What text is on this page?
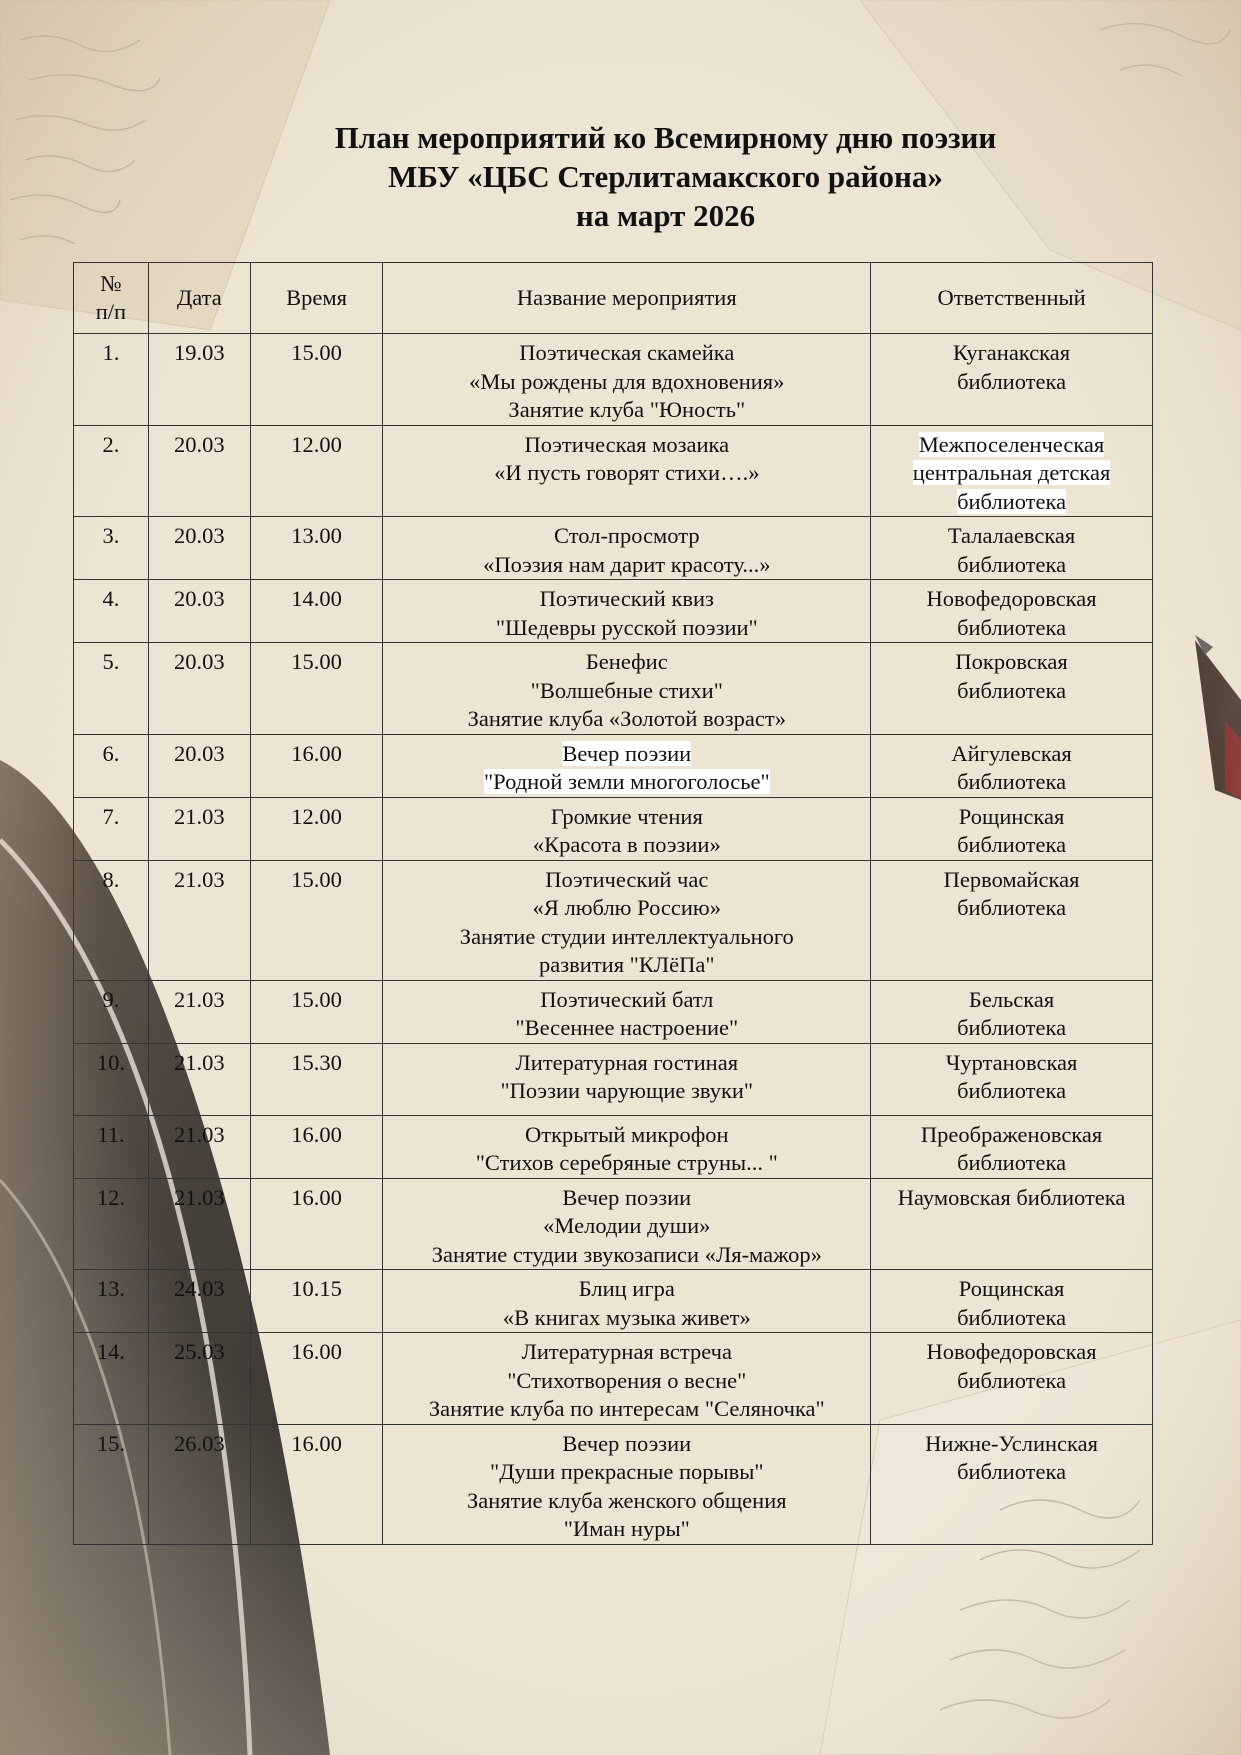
План мероприятий ко Всемирному дню поэзии
МБУ «ЦБС Стерлитамакского района»
на март 2026
№
п/п	Дата	Время	Название мероприятия	Ответственный
1.	19.03	15.00	Поэтическая скамейка
«Мы рождены для вдохновения»
Занятие клуба "Юность"	Куганакская
библиотека

2.	20.03	12.00	Поэтическая мозаика
«И пусть говорят стихи….»	Межпоселенческая
центральная детская
библиотека

3.	20.03	13.00	Стол-просмотр
«Поэзия нам дарит красоту...»	Талалаевская
библиотека

4.	20.03	14.00	Поэтический квиз
"Шедевры русской поэзии"	Новофедоровская
библиотека

5.	20.03	15.00	Бенефис
"Волшебные стихи"
Занятие клуба «Золотой возраст»	Покровская
библиотека

6.	20.03	16.00	Вечер поэзии
"Родной земли многоголосье"	Айгулевская
библиотека

7.	21.03	12.00	Громкие чтения
«Красота в поэзии»	Рощинская
библиотека

8.	21.03	15.00	Поэтический час
«Я люблю Россию»
Занятие студии интеллектуального
развития "КЛёПа"	Первомайская
библиотека

9.	21.03	15.00	Поэтический батл
"Весеннее настроение"	Бельская
библиотека

10.	21.03	15.30	Литературная гостиная
"Поэзии чарующие звуки"	Чуртановская
библиотека

11.	21.03	16.00	Открытый микрофон
"Стихов серебряные струны... "	Преображеновская
библиотека

12.	21.03	16.00	Вечер поэзии
«Мелодии души»
Занятие студии звукозаписи «Ля-мажор»	Наумовская библиотека

13.	24.03	10.15	Блиц игра
«В книгах музыка живет»	Рощинская
библиотека

14.	25.03	16.00	Литературная встреча
"Стихотворения о весне"
Занятие клуба по интересам "Селяночка"	Новофедоровская
библиотека

15.	26.03	16.00	Вечер поэзии
"Души прекрасные порывы"
Занятие клуба женского общения
"Иман нуры"	Нижне-Услинская
библиотека
